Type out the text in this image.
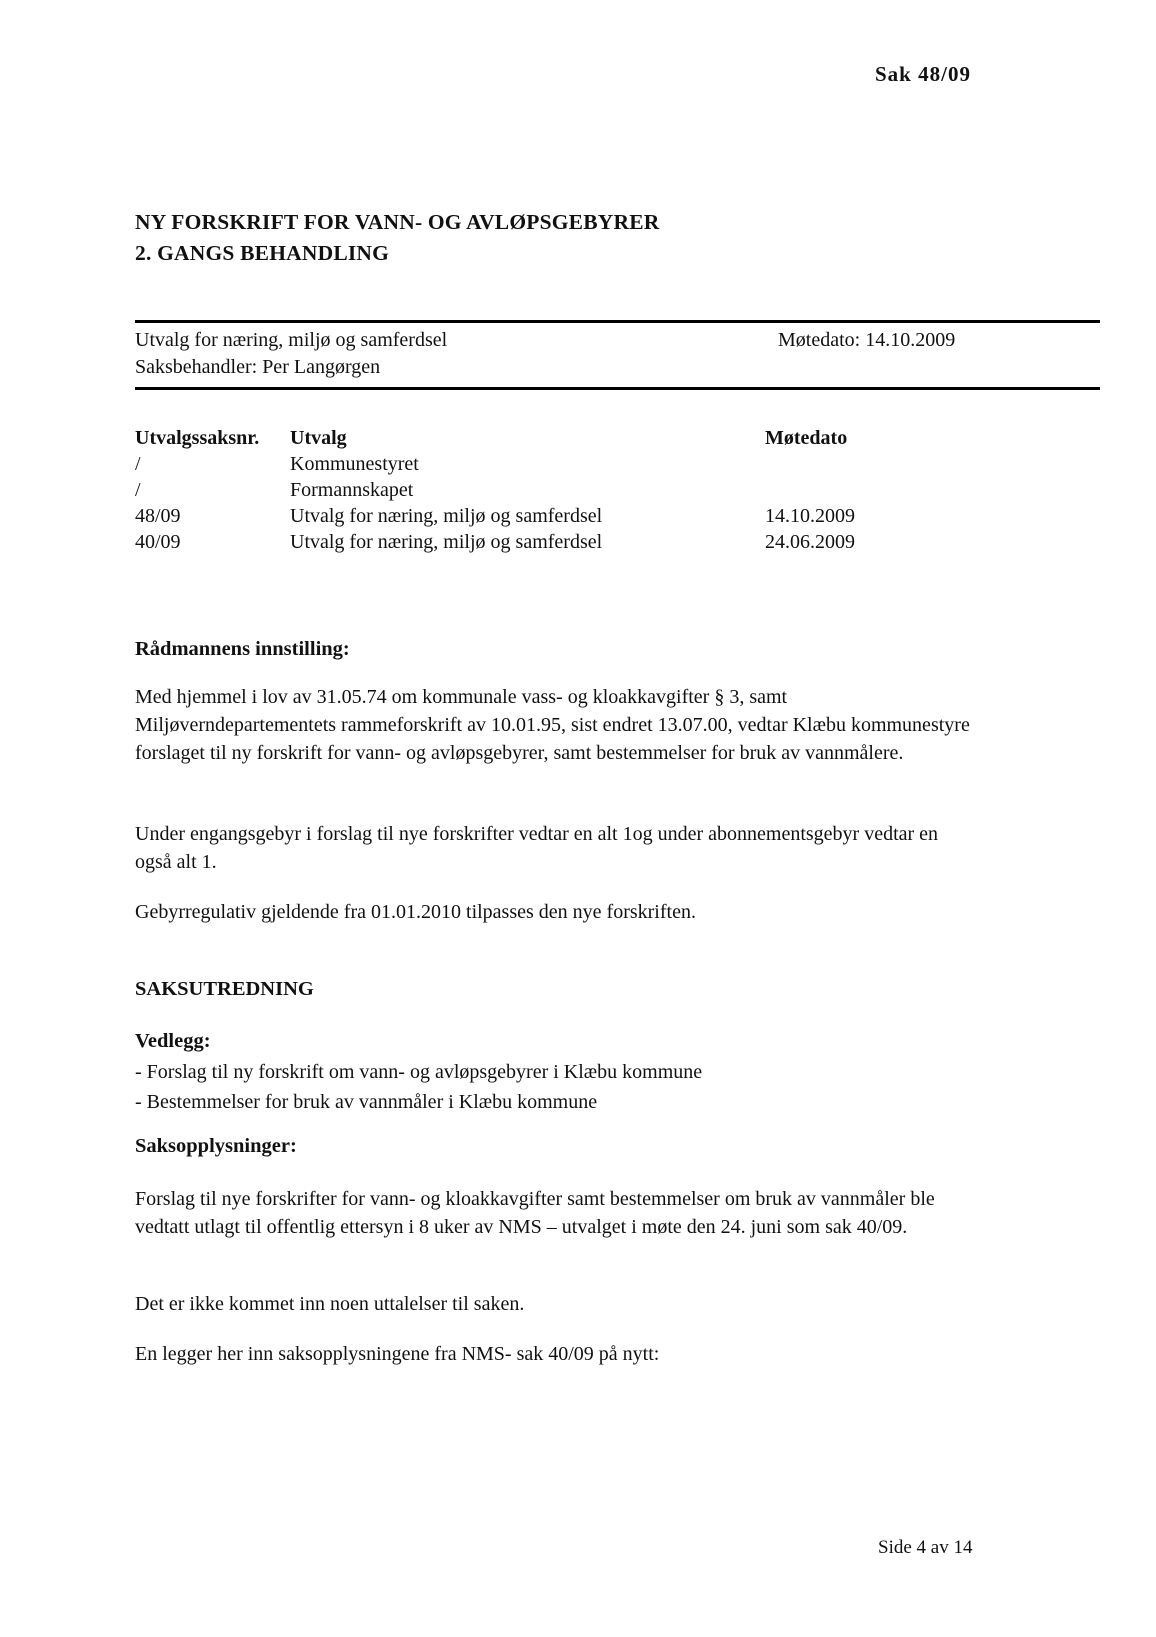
Sak 48/09
NY FORSKRIFT FOR VANN- OG AVLØPSGEBYRER
2. GANGS BEHANDLING
Utvalg for næring, miljø og samferdsel	Møtedato: 14.10.2009
Saksbehandler: Per Langørgen
Utvalgssaksnr.	Utvalg	Møtedato
/	Kommunestyret
/	Formannskapet
48/09	Utvalg for næring, miljø og samferdsel	14.10.2009
40/09	Utvalg for næring, miljø og samferdsel	24.06.2009
Rådmannens innstilling:
Med hjemmel i lov av 31.05.74 om kommunale vass- og kloakkavgifter § 3, samt Miljøverndepartementets rammeforskrift av 10.01.95, sist endret 13.07.00, vedtar Klæbu kommunestyre forslaget til ny forskrift for vann- og avløpsgebyrer, samt bestemmelser for bruk av vannmålere.
Under engangsgebyr i forslag til nye forskrifter vedtar en alt 1og under abonnementsgebyr vedtar en også alt 1.
Gebyrregulativ gjeldende fra 01.01.2010 tilpasses den nye forskriften.
SAKSUTREDNING
Vedlegg:
- Forslag til ny forskrift om vann- og avløpsgebyrer i Klæbu kommune
- Bestemmelser for bruk av vannmåler i Klæbu kommune
Saksopplysninger:
Forslag til nye forskrifter for vann- og kloakkavgifter samt bestemmelser om bruk av vannmåler ble vedtatt utlagt til offentlig ettersyn i 8 uker av NMS – utvalget i møte den 24. juni som sak 40/09.
Det er ikke kommet inn noen uttalelser til saken.
En legger her inn saksopplysningene fra NMS- sak 40/09 på nytt:
Side 4 av 14
